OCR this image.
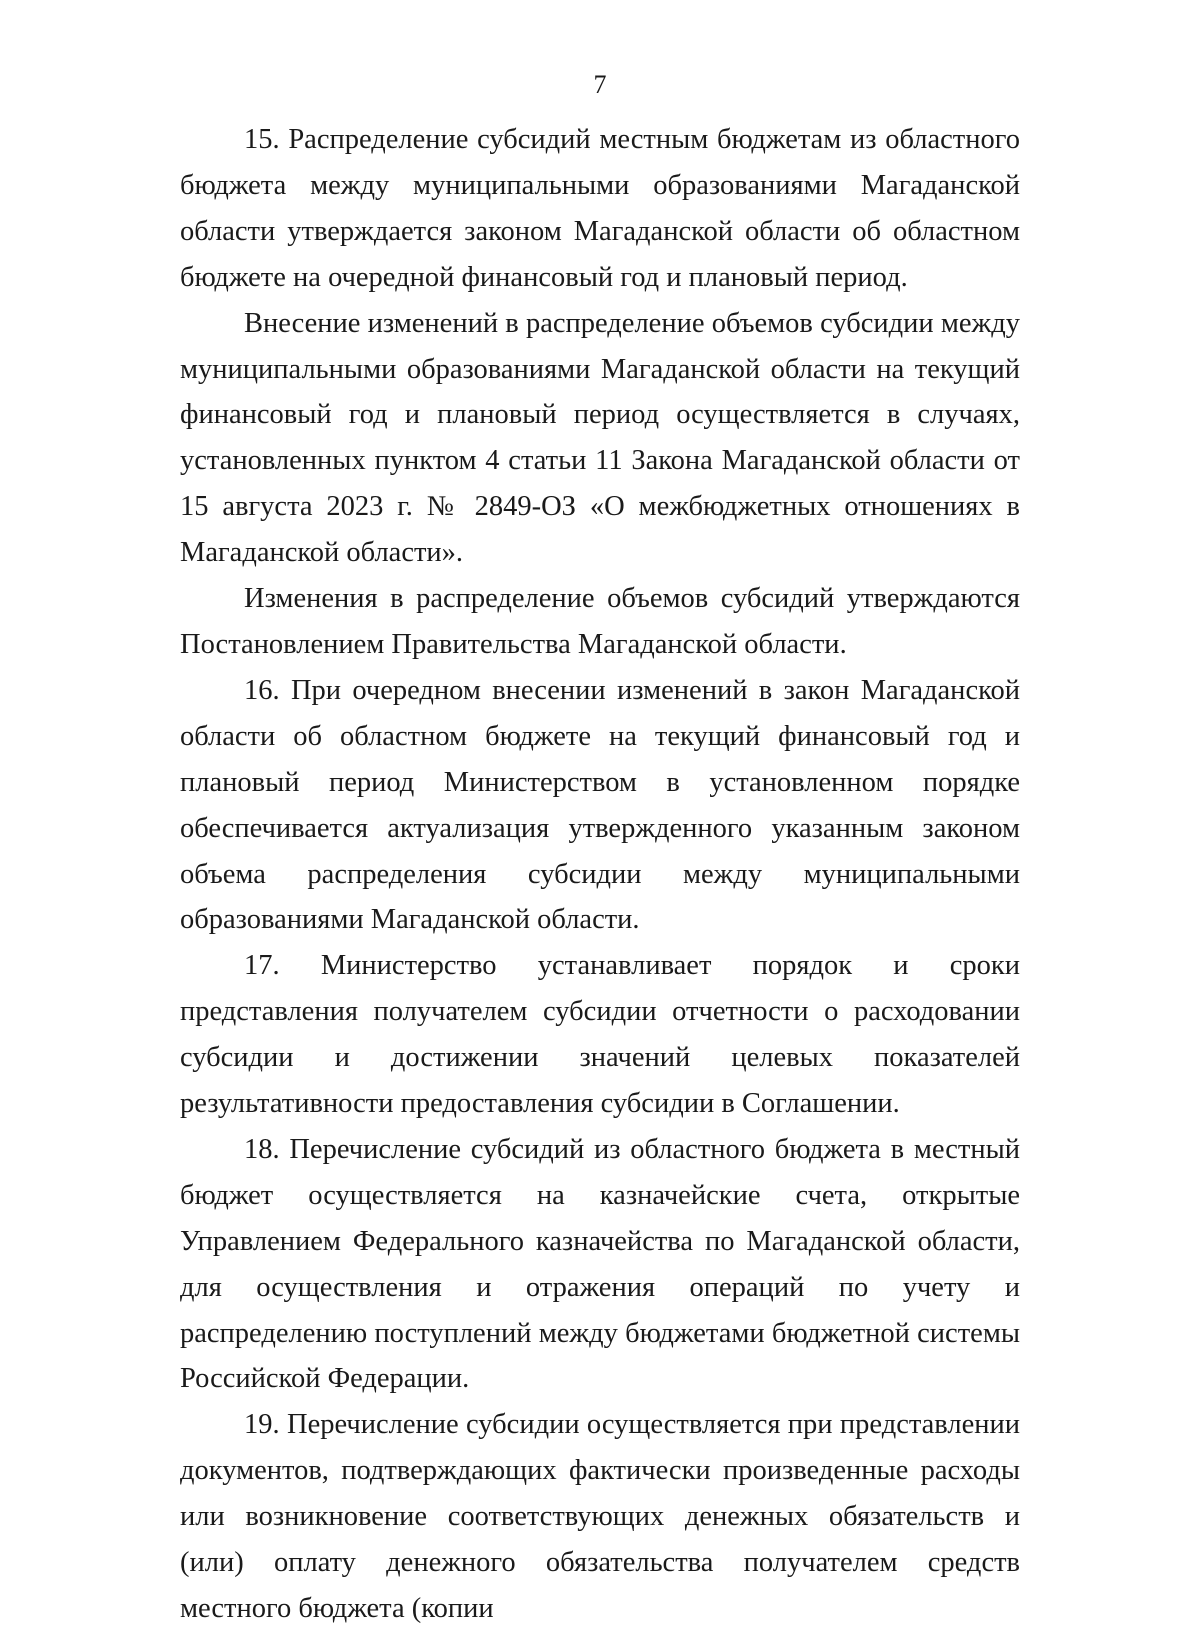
7

15. Распределение субсидий местным бюджетам из областного бюджета между муниципальными образованиями Магаданской области утверждается законом Магаданской области об областном бюджете на очередной финансовый год и плановый период.

Внесение изменений в распределение объемов субсидии между муниципальными образованиями Магаданской области на текущий финансовый год и плановый период осуществляется в случаях, установленных пунктом 4 статьи 11 Закона Магаданской области от 15 августа 2023 г. № 2849-ОЗ «О межбюджетных отношениях в Магаданской области».

Изменения в распределение объемов субсидий утверждаются Постановлением Правительства Магаданской области.

16. При очередном внесении изменений в закон Магаданской области об областном бюджете на текущий финансовый год и плановый период Министерством в установленном порядке обеспечивается актуализация утвержденного указанным законом объема распределения субсидии между муниципальными образованиями Магаданской области.

17. Министерство устанавливает порядок и сроки представления получателем субсидии отчетности о расходовании субсидии и достижении значений целевых показателей результативности предоставления субсидии в Соглашении.

18. Перечисление субсидий из областного бюджета в местный бюджет осуществляется на казначейские счета, открытые Управлением Федерального казначейства по Магаданской области, для осуществления и отражения операций по учету и распределению поступлений между бюджетами бюджетной системы Российской Федерации.

19. Перечисление субсидии осуществляется при представлении документов, подтверждающих фактически произведенные расходы или возникновение соответствующих денежных обязательств и (или) оплату денежного обязательства получателем средств местного бюджета (копии
